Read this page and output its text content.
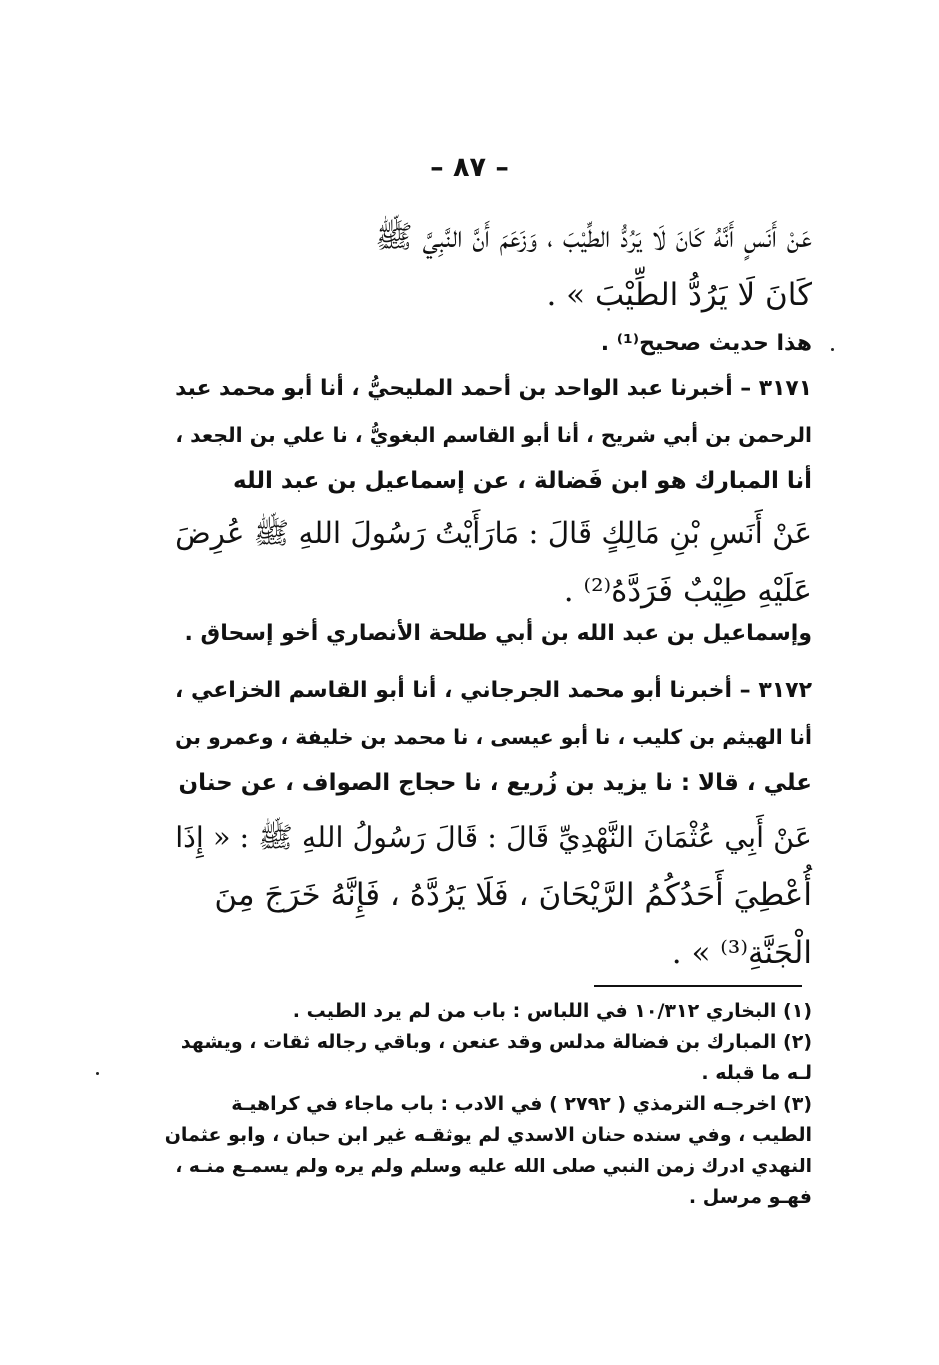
– ٨٧ –
عَنْ أَنَسٍ أَنَّهُ كَانَ لَا يَرُدُّ الطِّيْبَ ، وَزَعَمَ أَنَّ النَّبِيَّ ﷺ
كَانَ لَا يَرُدُّ الطِّيْبَ » .
هذا حديث صحيح⁽¹⁾ .
٣١٧١ – أخبرنا عبد الواحد بن أحمد المليحيُّ ، أنا أبو محمد عبد
الرحمن بن أبي شريح ، أنا أبو القاسم البغويُّ ، نا علي بن الجعد ،
أنا المبارك هو ابن فَضالة ، عن إسماعيل بن عبد الله
عَنْ أَنَسِ بْنِ مَالِكٍ قَالَ : مَارَأَيْتُ رَسُولَ اللهِ ﷺ عُرِضَ
عَلَيْهِ طِيْبٌ فَرَدَّهُ⁽²⁾ .
وإسماعيل بن عبد الله بن أبي طلحة الأنصاري أخو إسحاق .
٣١٧٢ – أخبرنا أبو محمد الجرجاني ، أنا أبو القاسم الخزاعي ،
أنا الهيثم بن كليب ، نا أبو عيسى ، نا محمد بن خليفة ، وعمرو بن
علي ، قالا : نا يزيد بن زُريع ، نا حجاج الصواف ، عن حنان
عَنْ أَبِي عُثْمَانَ النَّهْدِيِّ قَالَ : قَالَ رَسُولُ اللهِ ﷺ : « إِذَا
أُعْطِيَ أَحَدُكُمُ الرَّيْحَانَ ، فَلَا يَرُدَّهُ ، فَإِنَّهُ خَرَجَ مِنَ
الْجَنَّةِ⁽³⁾ » .
(١) البخاري ١٠/٣١٢ في اللباس : باب من لم يرد الطيب .
(٢) المبارك بن فضالة مدلس وقد عنعن ، وباقي رجاله ثقات ، ويشهد
لـه ما قبله .
(٣) اخرجـه الترمذي ( ٢٧٩٢ ) في الادب : باب ماجاء في كراهيـة
الطيب ، وفي سنده حنان الاسدي لم يوثقـه غير ابن حبان ، وابو عثمان
النهدي ادرك زمن النبي صلى الله عليه وسلم ولم يره ولم يسمـع منـه ،
فهـو مرسل .
